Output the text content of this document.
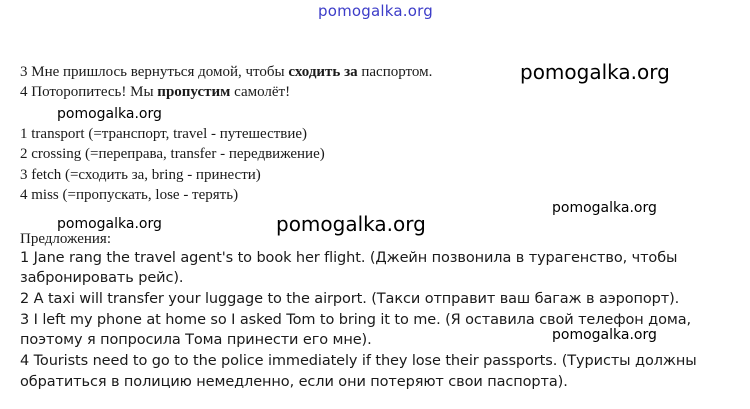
pomogalka.org
3 Мне пришлось вернуться домой, чтобы сходить за паспортом.	pomogalka.org
4 Поторопитесь! Мы пропустим самолёт!
pomogalka.org
1 transport (=транспорт, travel - путешествие)
2 crossing (=переправа, transfer - передвижение)
3 fetch (=сходить за, bring - принести)
4 miss (=пропускать, lose - терять)
pomogalka.org
pomogalka.org	pomogalka.org
Предложения:
1 Jane rang the travel agent's to book her flight. (Джейн позвонила в турагенство, чтобы
забронировать рейс).
2 A taxi will transfer your luggage to the airport. (Такси отправит ваш багаж в аэропорт).
3 I left my phone at home so I asked Tom to bring it to me. (Я оставила свой телефон дома,
pomogalka.org
поэтому я попросила Тома принести его мне).
4 Tourists need to go to the police immediately if they lose their passports. (Туристы должны
обратиться в полицию немедленно, если они потеряют свои паспорта).
